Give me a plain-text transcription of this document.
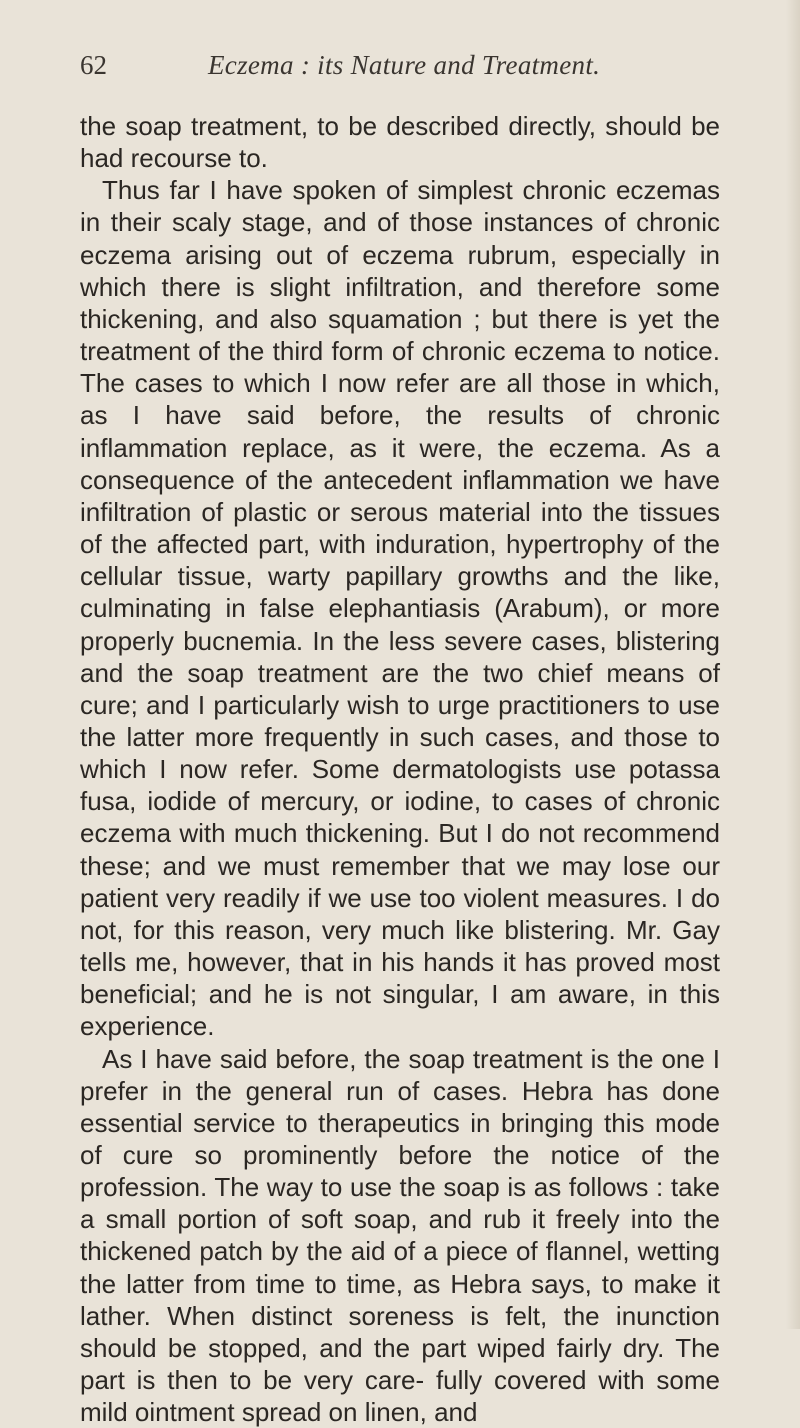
62	Eczema : its Nature and Treatment.

the soap treatment, to be described directly, should be had recourse to.

Thus far I have spoken of simplest chronic eczemas in their scaly stage, and of those instances of chronic eczema arising out of eczema rubrum, especially in which there is slight infiltration, and therefore some thickening, and also squamation ; but there is yet the treatment of the third form of chronic eczema to notice. The cases to which I now refer are all those in which, as I have said before, the results of chronic inflammation replace, as it were, the eczema. As a consequence of the antecedent inflammation we have infiltration of plastic or serous material into the tissues of the affected part, with induration, hypertrophy of the cellular tissue, warty papillary growths and the like, culminating in false elephantiasis (Arabum), or more properly bucnemia. In the less severe cases, blistering and the soap treatment are the two chief means of cure; and I particularly wish to urge practitioners to use the latter more frequently in such cases, and those to which I now refer. Some dermatologists use potassa fusa, iodide of mercury, or iodine, to cases of chronic eczema with much thickening. But I do not recommend these; and we must remember that we may lose our patient very readily if we use too violent measures. I do not, for this reason, very much like blistering. Mr. Gay tells me, however, that in his hands it has proved most beneficial; and he is not singular, I am aware, in this experience.

As I have said before, the soap treatment is the one I prefer in the general run of cases. Hebra has done essential service to therapeutics in bringing this mode of cure so prominently before the notice of the profession. The way to use the soap is as follows : take a small portion of soft soap, and rub it freely into the thickened patch by the aid of a piece of flannel, wetting the latter from time to time, as Hebra says, to make it lather. When distinct soreness is felt, the inunction should be stopped, and the part wiped fairly dry. The part is then to be very care- fully covered with some mild ointment spread on linen, and
